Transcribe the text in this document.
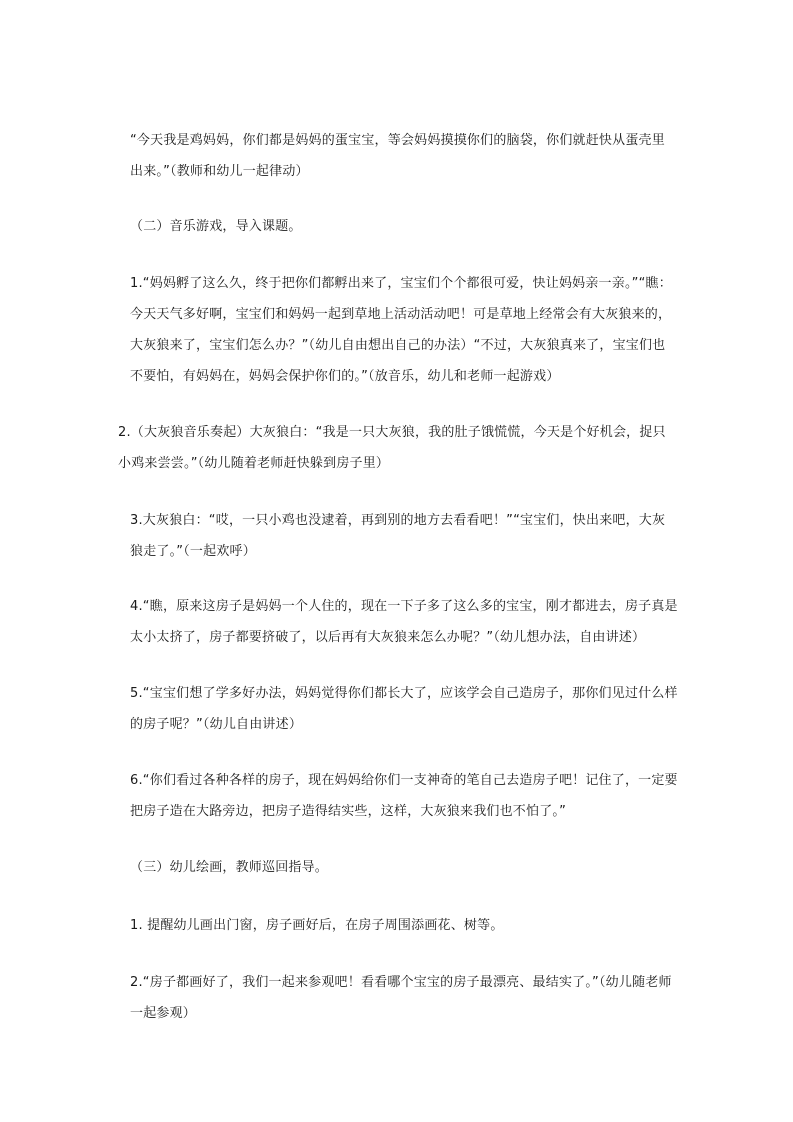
“今天我是鸡妈妈，你们都是妈妈的蛋宝宝，等会妈妈摸摸你们的脑袋，你们就赶快从蛋壳里出来。”（教师和幼儿一起律动）

（二）音乐游戏，导入课题。

1.“妈妈孵了这么久，终于把你们都孵出来了，宝宝们个个都很可爱，快让妈妈亲一亲。”“瞧：今天天气多好啊，宝宝们和妈妈一起到草地上活动活动吧！可是草地上经常会有大灰狼来的，大灰狼来了，宝宝们怎么办？”（幼儿自由想出自己的办法）“不过，大灰狼真来了，宝宝们也不要怕，有妈妈在，妈妈会保护你们的。”（放音乐，幼儿和老师一起游戏）

2.（大灰狼音乐奏起）大灰狼白：“我是一只大灰狼，我的肚子饿慌慌，今天是个好机会，捉只小鸡来尝尝。”（幼儿随着老师赶快躲到房子里）

3.大灰狼白：“哎，一只小鸡也没逮着，再到别的地方去看看吧！”“宝宝们，快出来吧，大灰狼走了。”（一起欢呼）

4.“瞧，原来这房子是妈妈一个人住的，现在一下子多了这么多的宝宝，刚才都进去，房子真是太小太挤了，房子都要挤破了，以后再有大灰狼来怎么办呢？”（幼儿想办法，自由讲述）

5.“宝宝们想了学多好办法，妈妈觉得你们都长大了，应该学会自己造房子，那你们见过什么样的房子呢？”（幼儿自由讲述）

6.“你们看过各种各样的房子，现在妈妈给你们一支神奇的笔自己去造房子吧！记住了，一定要把房子造在大路旁边，把房子造得结实些，这样，大灰狼来我们也不怕了。”

（三）幼儿绘画，教师巡回指导。

1. 提醒幼儿画出门窗，房子画好后，在房子周围添画花、树等。

2.“房子都画好了，我们一起来参观吧！看看哪个宝宝的房子最漂亮、最结实了。”（幼儿随老师一起参观）
